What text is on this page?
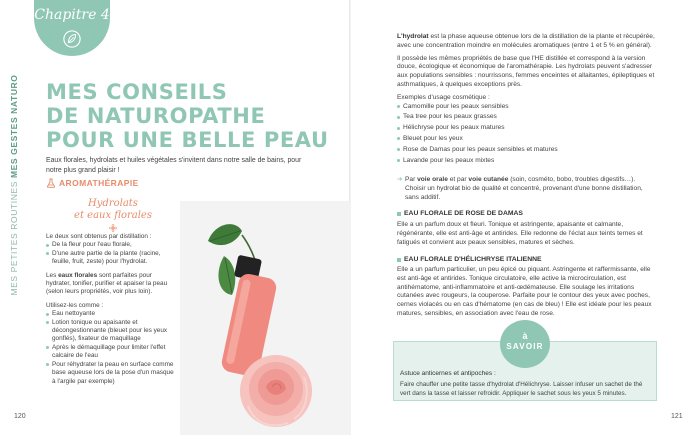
MES PETITES ROUTINES MES GESTES NATURO
Chapitre 4
MES CONSEILS
DE NATUROPATHE
POUR UNE BELLE PEAU
Eaux florales, hydrolats et huiles végétales s'invitent dans notre salle de bains, pour notre plus grand plaisir !
AROMATHÉRAPIE
Hydrolats
et eaux florales

Le deux sont obtenus par distillation :

De la fleur pour l'eau florale,

D'une autre partie de la plante (racine, feuille, fruit, zeste) pour l'hydrolat.

Les eaux florales sont parfaites pour hydrater, tonifier, purifier et apaiser la peau (selon leurs propriétés, voir plus loin).

Utilisez-les comme :

Eau nettoyante

Lotion tonique ou apaisante et décongestionnante (bleuet pour les yeux gonflés), fixateur de maquillage

Après le démaquillage pour limiter l'effet calcaire de l'eau

Pour réhydrater la peau en surface comme base aqueuse lors de la pose d'un masque à l'argile par exemple)

120

L'hydrolat est la phase aqueuse obtenue lors de la distillation de la plante et récupérée, avec une concentration moindre en molécules aromatiques (entre 1 et 5 % en général).

Il possède les mêmes propriétés de base que l'HE distillée et correspond à la version douce, écologique et économique de l'aromathérapie. Les hydrolats peuvent s'adresser aux populations sensibles : nourrissons, femmes enceintes et allaitantes, épileptiques et asthmatiques, à quelques exceptions près.

Exemples d'usage cosmétique :

Camomille pour les peaux sensibles

Tea tree pour les peaux grasses

Hélichryse pour les peaux matures

Bleuet pour les yeux

Rose de Damas pour les peaux sensibles et matures

Lavande pour les peaux mixtes

➔ Par voie orale et par voie cutanée (soin, cosméto, bobo, troubles digestifs…). Choisir un hydrolat bio de qualité et concentré, provenant d'une bonne distillation, sans additif.
EAU FLORALE DE ROSE DE DAMAS
Elle a un parfum doux et fleuri. Tonique et astringente, apaisante et calmante, régénérante, elle est anti-âge et antirides. Elle redonne de l'éclat aux teints ternes et fatigués et convient aux peaux sensibles, matures et sèches.
EAU FLORALE D'HÉLICHRYSE ITALIENNE
Elle a un parfum particulier, un peu épicé ou piquant. Astringente et raffermissante, elle est anti-âge et antirides. Tonique circulatoire, elle active la microcirculation, est antihématome, anti-inflammatoire et anti-œdémateuse. Elle soulage les irritations cutanées avec rougeurs, la couperose. Parfaite pour le contour des yeux avec poches, cernes violacés ou en cas d'hématome (en cas de bleu) ! Elle est idéale pour les peaux matures, sensibles, en association avec l'eau de rose.
à
SAVOIR
Astuce anticernes et antipoches :
Faire chauffer une petite tasse d'hydrolat d'Hélichryse. Laisser infuser un sachet de thé vert dans la tasse et laisser refroidir. Appliquer le sachet sous les yeux 5 minutes.
121
